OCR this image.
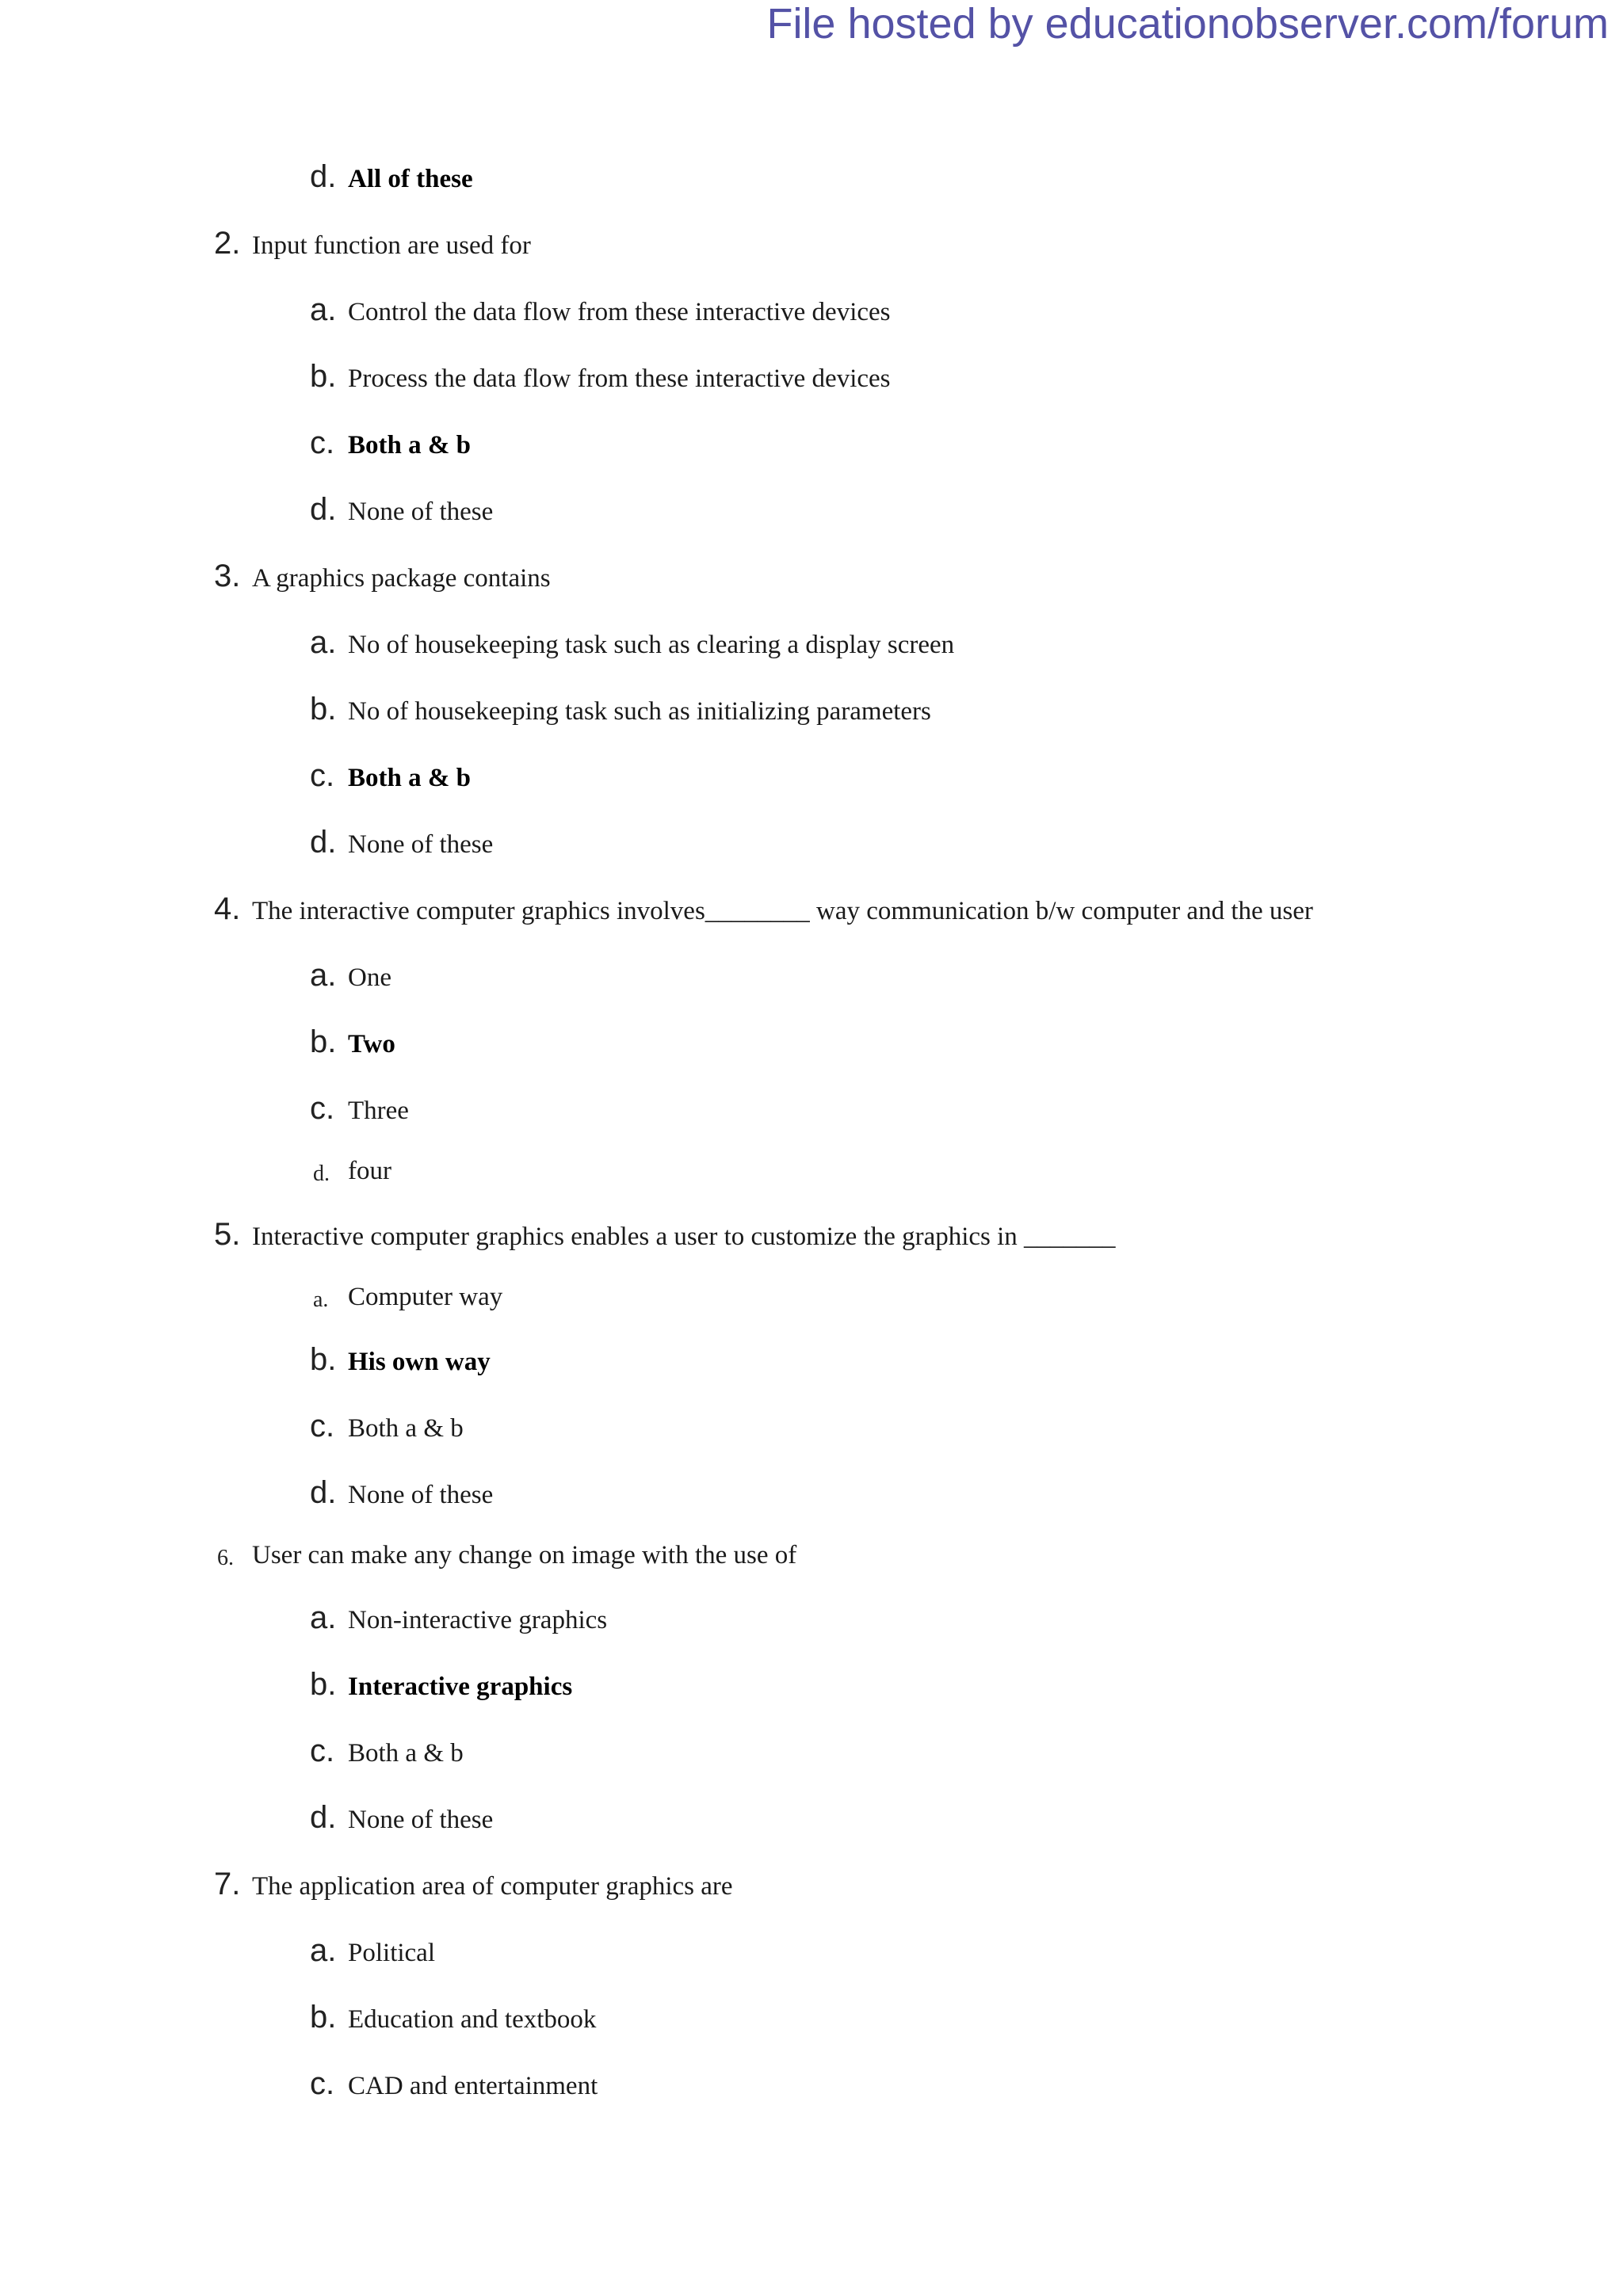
File hosted by educationobserver.com/forum
d. All of these
2. Input function are used for
a. Control the data flow from these interactive devices
b. Process the data flow from these interactive devices
c. Both a & b
d. None of these
3. A graphics package contains
a. No of housekeeping task such as clearing a display screen
b. No of housekeeping task such as initializing parameters
c. Both a & b
d. None of these
4. The interactive computer graphics involves________ way communication b/w computer and the user
a. One
b. Two
c. Three
d. four
5. Interactive computer graphics enables a user to customize the graphics in _______
a. Computer way
b. His own way
c. Both a & b
d. None of these
6. User can make any change on image with the use of
a. Non-interactive graphics
b. Interactive graphics
c. Both a & b
d. None of these
7. The application area of computer graphics are
a. Political
b. Education and textbook
c. CAD and entertainment
